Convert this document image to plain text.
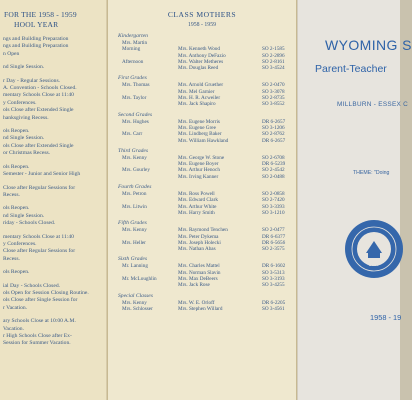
FOR THE 1958 - 1959
HOOL YEAR
ngs and Building Preparation
ngs and Building Preparation
n Open
nd Single Session.
r Day - Regular Sessions.
A. Convention - Schools Closed.
mentary Schools Close at 11:40
y Conferences.
ols Close after Extended Single
hanksgiving Recess.
ols Reopen.
nd Single Session.
ols Close after Extended Single
or Christmas Recess.
ols Reopen.
Semester - Junior and Senior High
Close after Regular Sessions for
Recess.
ols Reopen.
nd Single Session.
riday - Schools Closed.
mentary Schools Close at 11:40
y Conferences.
Close after Regular Sessions for
Recess.
ols Reopen.
ial Day - Schools Closed.
ols Open for Session Closing Routine.
ols Close after Single Session for
r Vacation.
ary Schools Close at 10:00 A.M.
Vacation.
r High Schools Close after Ex-
Session for Summer Vacation.
CLASS MOTHERS
1958 - 1959
Kindergarten
Mrs. Martin
Morning	Mrs. Kenneth Wood	SO 2-1585
Mrs. Anthony DeFazio	SO 2-2896
Afternoon	Mrs. Walter Metheres	SO 2-8161
Mrs. Douglas Reed	SO 3-4524
First Grades
Mrs. Thomas	Mrs. Arnold Gruether	SO 2-0470
Mrs. Mel Garnier	SO 3-3078
Mrs. Taylor	Mrs. H. R. Acweiler	SO 2-8735
Mrs. Jack Shapiro	SO 3-8552
Second Grades
Mrs. Hughes	Mrs. Eugene Morris	DR 6-2657
Mrs. Eugene Gree	SO 3-1206
Mrs. Carr	Mrs. Lindberg Baker	SO 2-8762
Mrs. William Hawkland	DR 6-2657
Third Grades
Mrs. Kenny	Mrs. George W. Stone	SO 2-6708
Mrs. Eugene Boyer	DR 6-5239
Mrs. Gourley	Mrs. Arthur Henoch	SO 2-4542
Mrs. Irving Kanner	SO 2-0488
Fourth Grades
Mrs. Petron	Mrs. Ross Powell	SO 2-0858
Mrs. Edward Clark	SO 2-7420
Mrs. Litwin	Mrs. Arthur White	SO 3-3393
Mrs. Harry Smith	SO 3-1210
Fifth Grades
Mrs. Kenny	Mrs. Raymond Tenchen	SO 2-0477
Mrs. Peter Dykema	DR 6-6377
Mrs. Heller	Mrs. Joseph Holecki	DR 6-5656
Mrs. Nathan Abas	SO 2-3575
Sixth Grades
Mr. Lanning	Mrs. Charles Mattel	DR 6-1602
Mrs. Norman Slavin	SO 3-5313
Mr. McLoughlin	Mrs. Max DeBeers	SO 3-3193
Mrs. Jack Rose	SO 3-4255
Special Classes
Mrs. Kenny	Mrs. W. E. Orloff	DR 6-2205
Mrs. Schlosser	Mrs. Stephen Willard	SO 3-4561
WYOMING S
Parent-Teacher
MILLBURN - ESSEX C
THEME: "Doing
1897
1958 - 19
